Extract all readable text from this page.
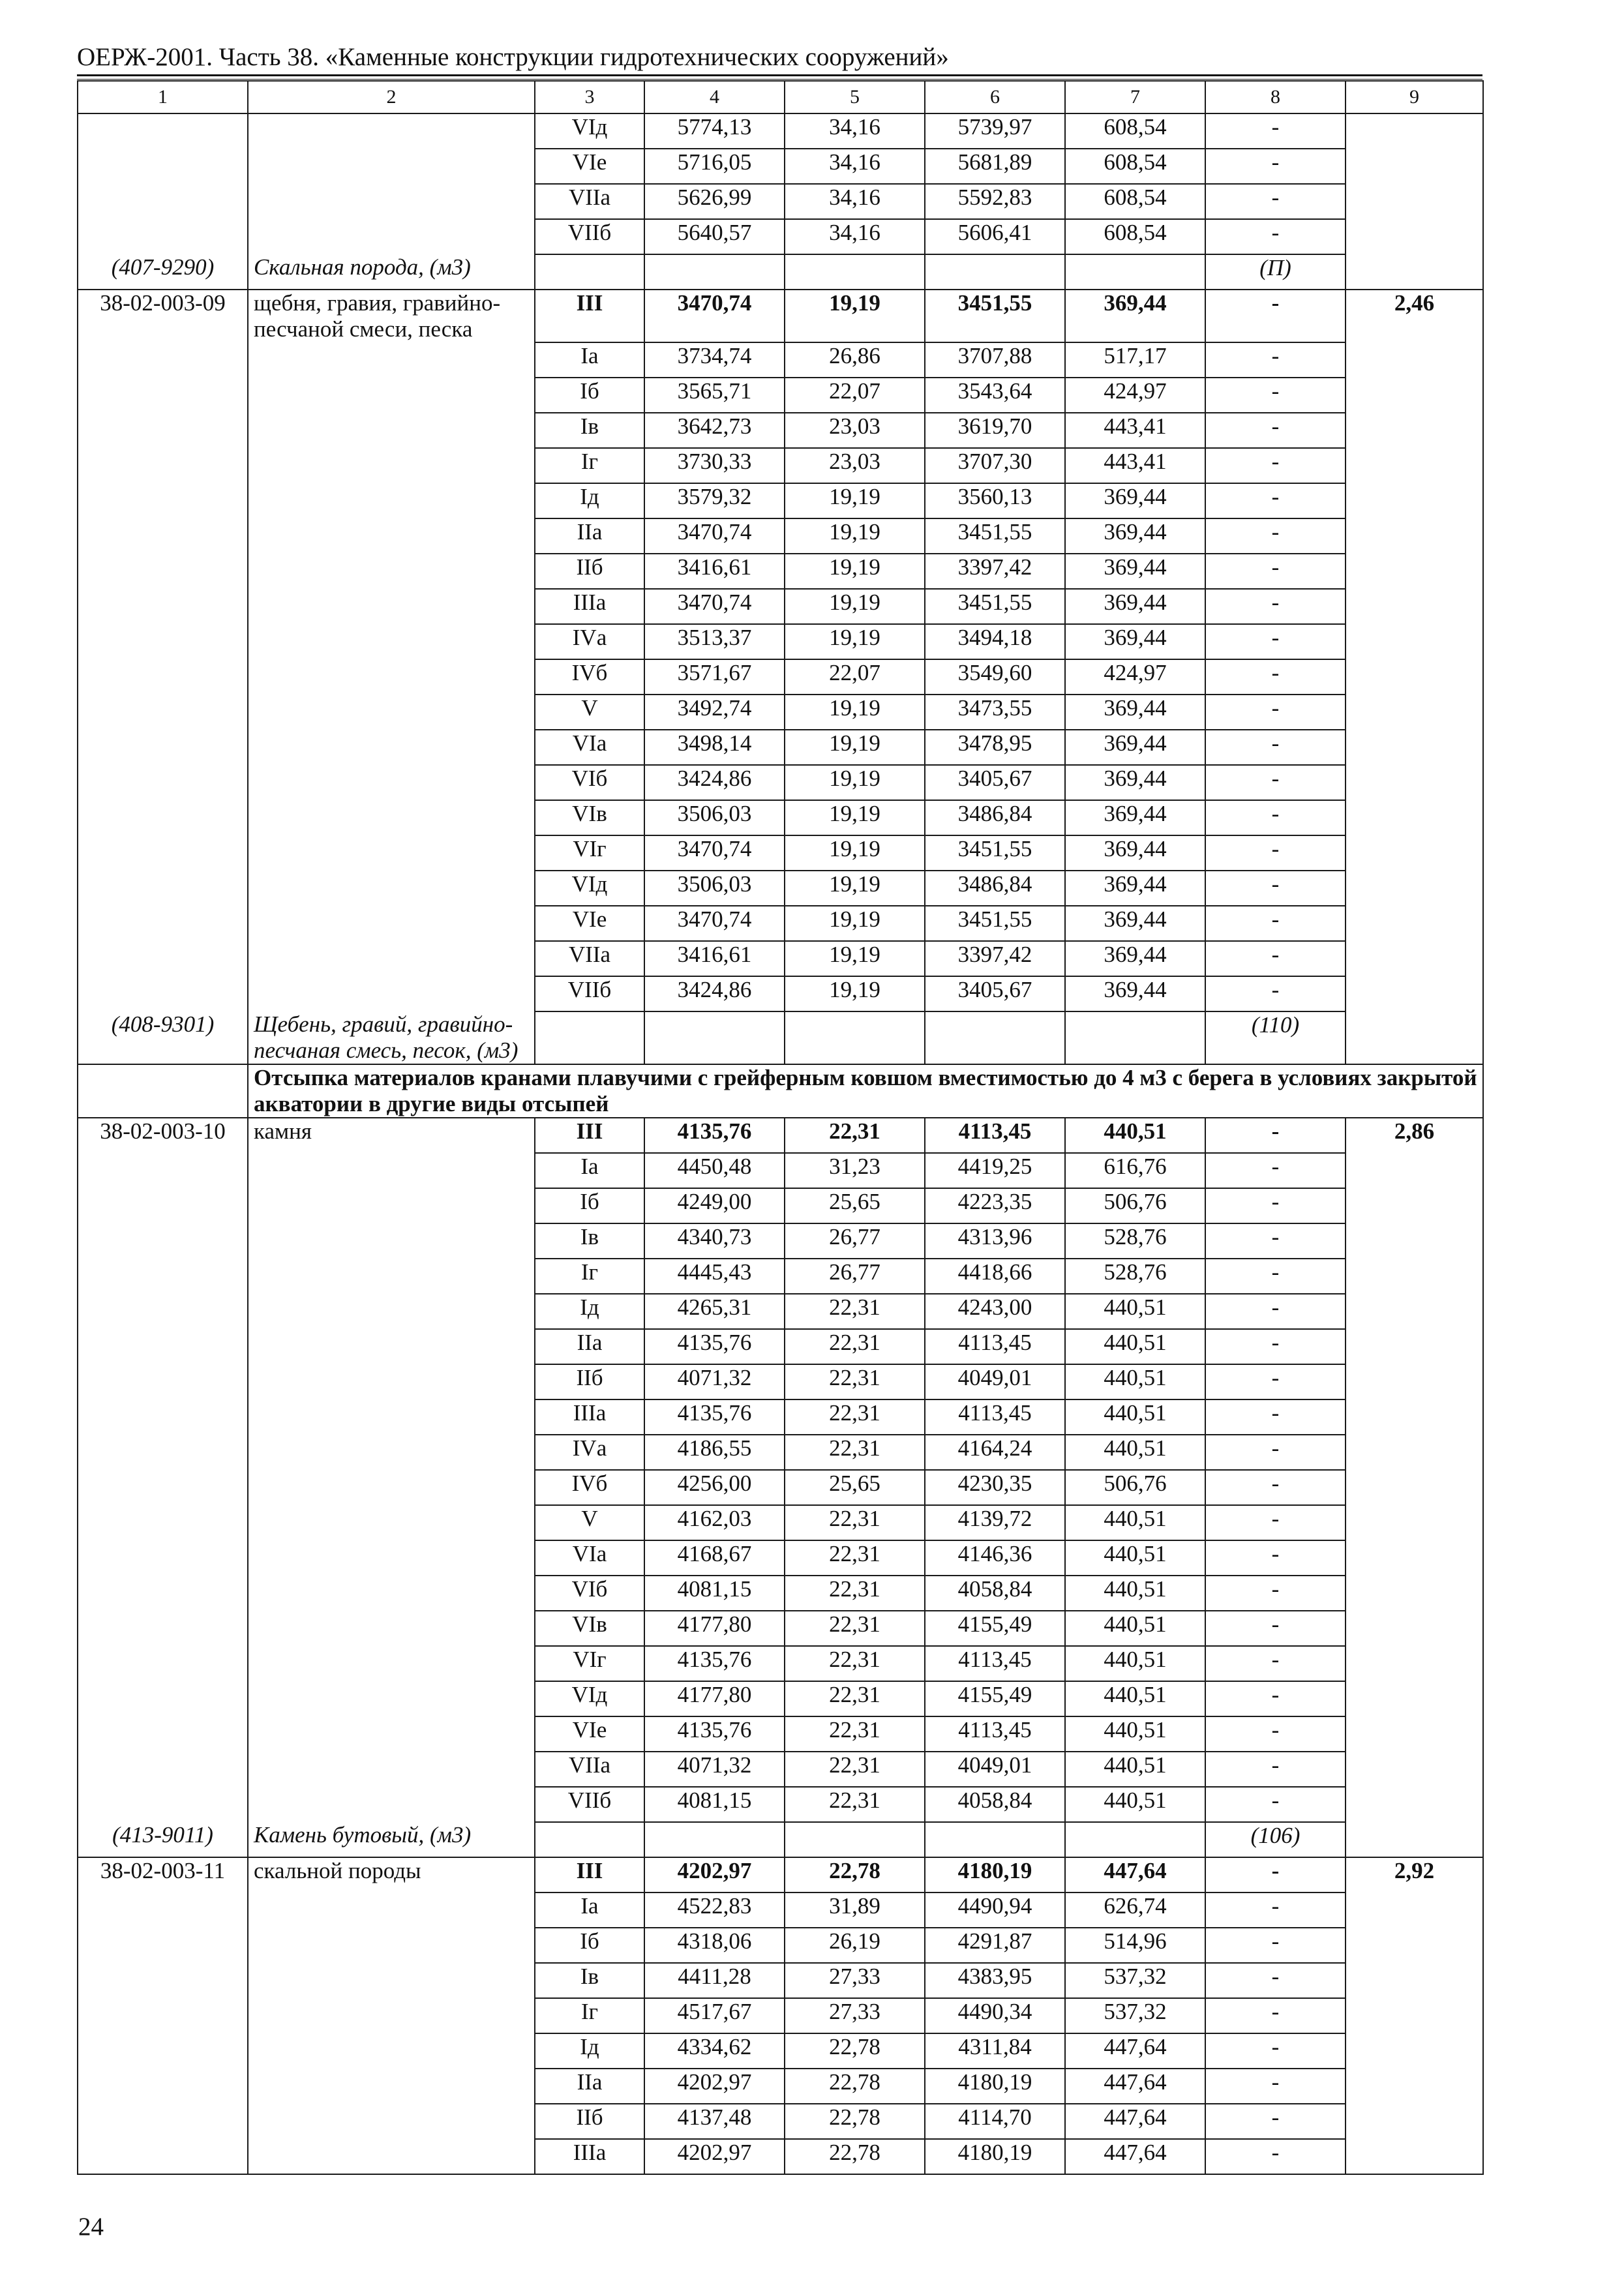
ОЕРЖ-2001. Часть 38. «Каменные конструкции гидротехнических сооружений»
1	2	3	4	5	6	7	8	9
		VIд	5774,13	34,16	5739,97	608,54	-	
		VIе	5716,05	34,16	5681,89	608,54	-	
		VIIа	5626,99	34,16	5592,83	608,54	-	
		VIIб	5640,57	34,16	5606,41	608,54	-	
(407-9290)	Скальная порода, (м3)						(П)	
38-02-003-09	щебня, гравия, гравийно-песчаной смеси, песка	III	3470,74	19,19	3451,55	369,44	-	2,46
		Iа	3734,74	26,86	3707,88	517,17	-	
		Iб	3565,71	22,07	3543,64	424,97	-	
		Iв	3642,73	23,03	3619,70	443,41	-	
		Iг	3730,33	23,03	3707,30	443,41	-	
		Iд	3579,32	19,19	3560,13	369,44	-	
		IIа	3470,74	19,19	3451,55	369,44	-	
		IIб	3416,61	19,19	3397,42	369,44	-	
		IIIа	3470,74	19,19	3451,55	369,44	-	
		IVа	3513,37	19,19	3494,18	369,44	-	
		IVб	3571,67	22,07	3549,60	424,97	-	
		V	3492,74	19,19	3473,55	369,44	-	
		VIа	3498,14	19,19	3478,95	369,44	-	
		VIб	3424,86	19,19	3405,67	369,44	-	
		VIв	3506,03	19,19	3486,84	369,44	-	
		VIг	3470,74	19,19	3451,55	369,44	-	
		VIд	3506,03	19,19	3486,84	369,44	-	
		VIе	3470,74	19,19	3451,55	369,44	-	
		VIIа	3416,61	19,19	3397,42	369,44	-	
		VIIб	3424,86	19,19	3405,67	369,44	-	
(408-9301)	Щебень, гравий, гравийно-песчаная смесь, песок, (м3)						(110)	
	Отсыпка материалов кранами плавучими с грейферным ковшом вместимостью до 4 м3 с берега в условиях закрытой акватории в другие виды отсыпей							
38-02-003-10	камня	III	4135,76	22,31	4113,45	440,51	-	2,86
		Iа	4450,48	31,23	4419,25	616,76	-	
		Iб	4249,00	25,65	4223,35	506,76	-	
		Iв	4340,73	26,77	4313,96	528,76	-	
		Iг	4445,43	26,77	4418,66	528,76	-	
		Iд	4265,31	22,31	4243,00	440,51	-	
		IIа	4135,76	22,31	4113,45	440,51	-	
		IIб	4071,32	22,31	4049,01	440,51	-	
		IIIа	4135,76	22,31	4113,45	440,51	-	
		IVа	4186,55	22,31	4164,24	440,51	-	
		IVб	4256,00	25,65	4230,35	506,76	-	
		V	4162,03	22,31	4139,72	440,51	-	
		VIа	4168,67	22,31	4146,36	440,51	-	
		VIб	4081,15	22,31	4058,84	440,51	-	
		VIв	4177,80	22,31	4155,49	440,51	-	
		VIг	4135,76	22,31	4113,45	440,51	-	
		VIд	4177,80	22,31	4155,49	440,51	-	
		VIе	4135,76	22,31	4113,45	440,51	-	
		VIIа	4071,32	22,31	4049,01	440,51	-	
		VIIб	4081,15	22,31	4058,84	440,51	-	
(413-9011)	Камень бутовый, (м3)						(106)	
38-02-003-11	скальной породы	III	4202,97	22,78	4180,19	447,64	-	2,92
		Iа	4522,83	31,89	4490,94	626,74	-	
		Iб	4318,06	26,19	4291,87	514,96	-	
		Iв	4411,28	27,33	4383,95	537,32	-	
		Iг	4517,67	27,33	4490,34	537,32	-	
		Iд	4334,62	22,78	4311,84	447,64	-	
		IIа	4202,97	22,78	4180,19	447,64	-	
		IIб	4137,48	22,78	4114,70	447,64	-	
		IIIа	4202,97	22,78	4180,19	447,64	-	
24
